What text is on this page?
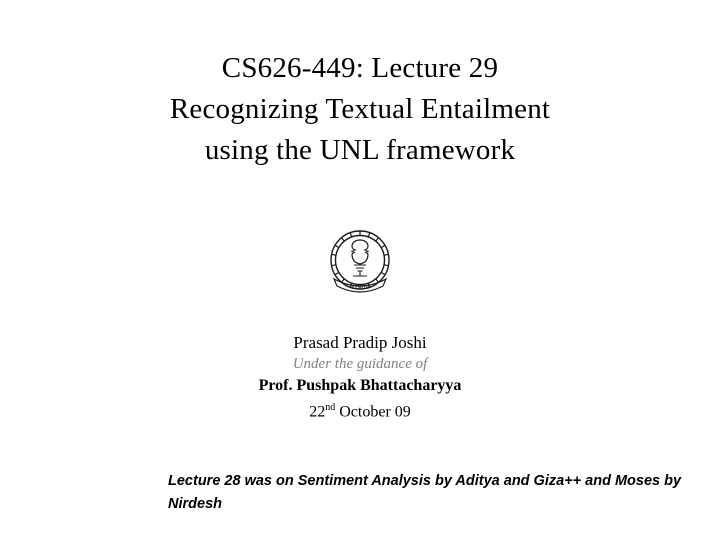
CS626-449: Lecture 29
Recognizing Textual Entailment
using the UNL framework
ज्ञानं परमं
Prasad Pradip Joshi
Under the guidance of
Prof. Pushpak Bhattacharyya
22nd October 09
Lecture 28 was on Sentiment Analysis by Aditya and Giza++ and Moses by Nirdesh
